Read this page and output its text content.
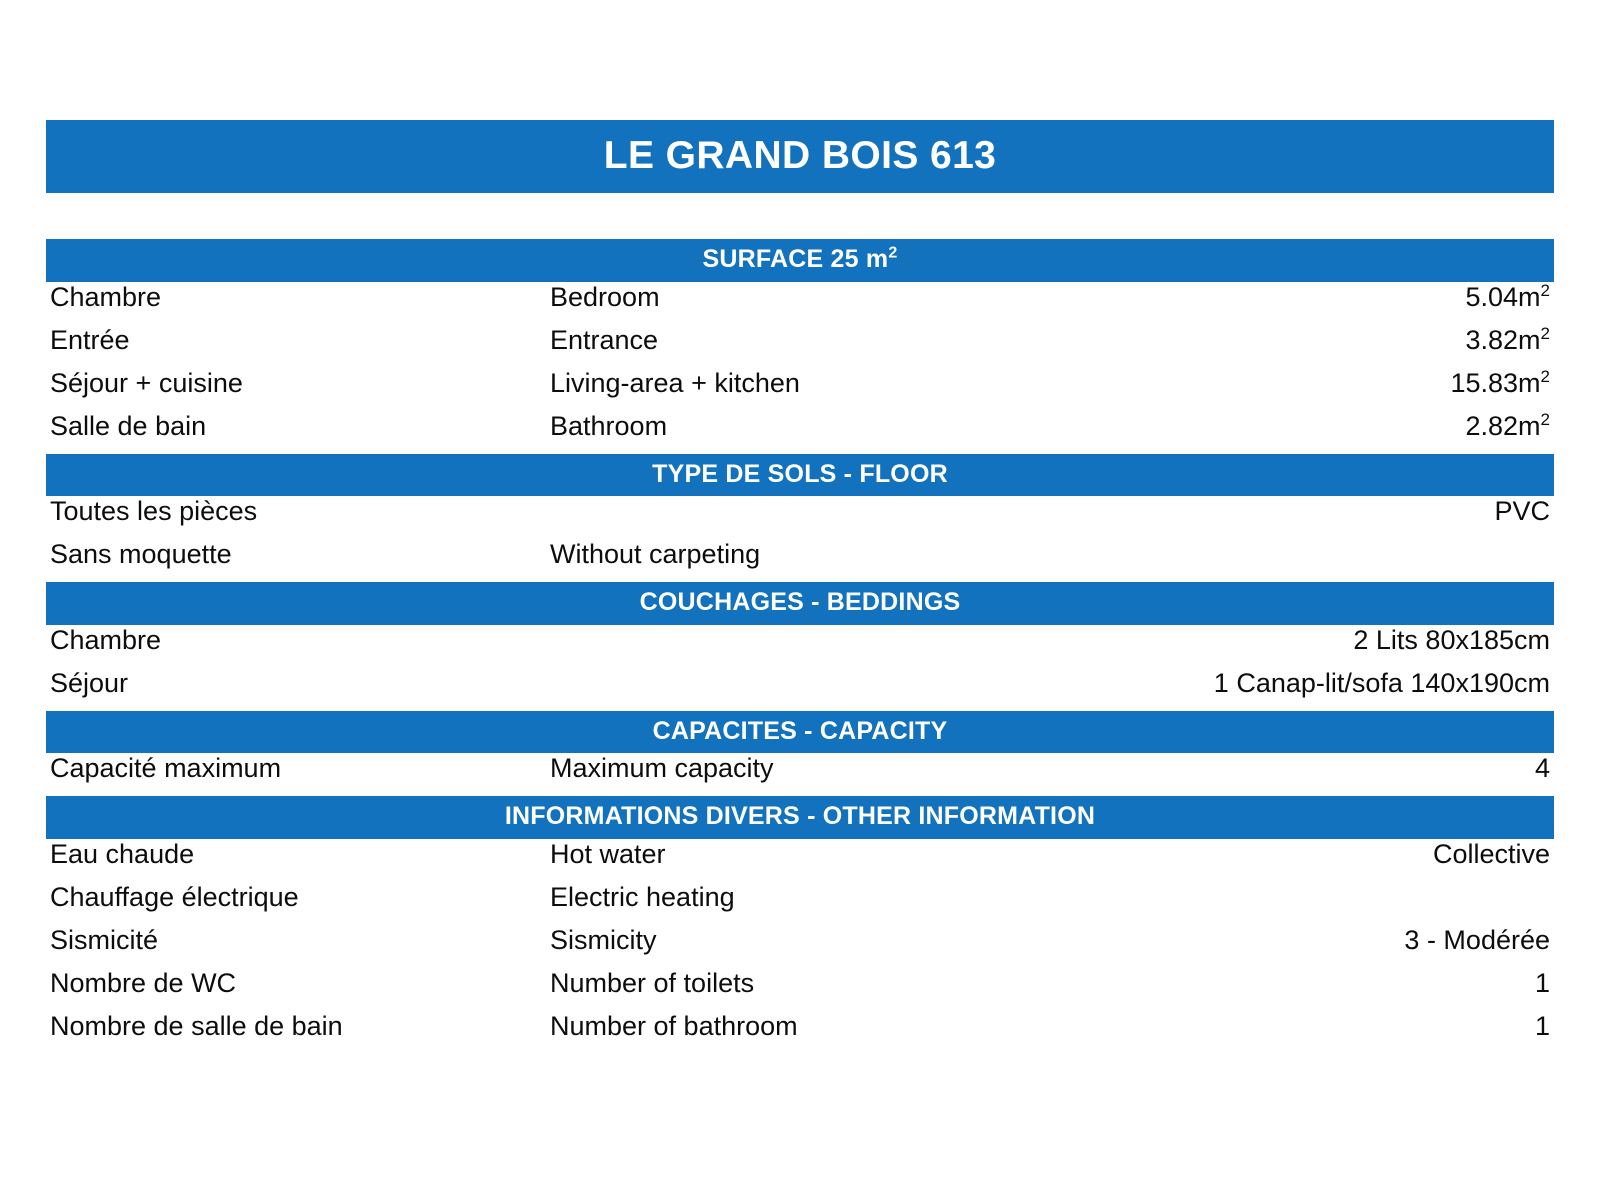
LE GRAND BOIS 613
SURFACE 25 $m^2$
Chambre	Bedroom	$5.04m^2$
Entrée	Entrance	$3.82m^2$
Séjour + cuisine	Living-area + kitchen	$15.83m^2$
Salle de bain	Bathroom	$2.82m^2$
TYPE DE SOLS - FLOOR
Toutes les pièces	PVC
Sans moquette	Without carpeting
COUCHAGES - BEDDINGS
Chambre	2 Lits 80x185cm
Séjour	1 Canap-lit/sofa 140x190cm
CAPACITES - CAPACITY
Capacité maximum	Maximum capacity	4
INFORMATIONS DIVERS - OTHER INFORMATION
Eau chaude	Hot water	Collective
Chauffage électrique	Electric heating
Sismicité	Sismicity	3 - Modérée
Nombre de WC	Number of toilets	1
Nombre de salle de bain	Number of bathroom	1
